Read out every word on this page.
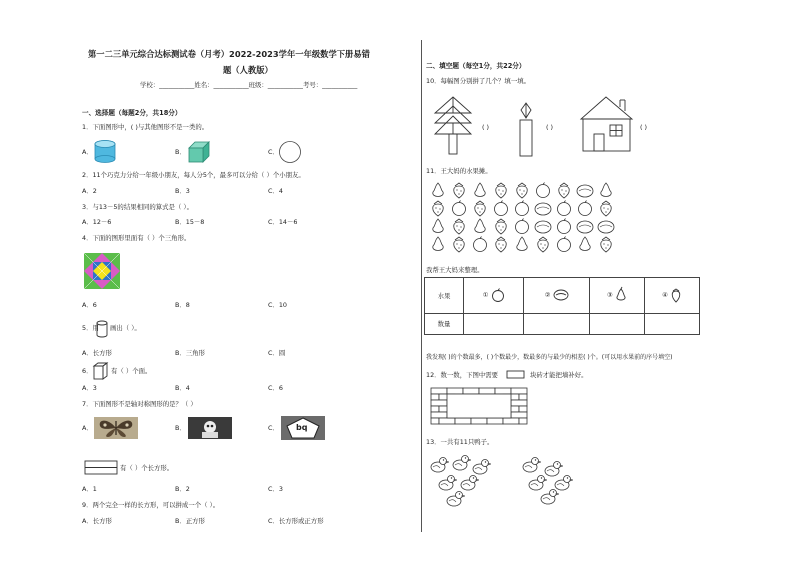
第一二三单元综合达标测试卷（月考）2022-2023学年一年级数学下册易错
题（人教版）
学校：___________姓名：___________班级：___________考号：___________
一、选择题（每题2分，共18分）
1．下面图形中，( )与其他图形不是一类的。
A．	B．	C．
2．11个巧克力分给一年级小朋友，每人分5个，最多可以分给（ ）个小朋友。
A．2	B．3	C．4
3．与13－5的结果相同的算式是（ ）。
A．12－6	B．15－8	C．14－6
4．下面的图形里面有（ ）个三角形。
A．6	B．8	C．10
5．用 画出（ ）。
A．长方形	B．三角形	C．圆
6．	有（ ）个面。
A．3	B．4	C．6
7．下面图形不是轴对称图形的是？（ ）
A．	B．	C． bq
有（ ）个长方形。
A．1	B．2	C．3
9．两个完全一样的长方形，可以拼成一个（ ）。
A．长方形	B．正方形	C．长方形或正方形
二、填空题（每空1分，共22分）
10．每幅图分别拼了几个？填一填。
( )	( )	( )
11．王大妈的水果摊。
我帮王大妈来整理。
水果	①	②	③	④
数量				
我发现( )的个数最多，( )个数最少，数最多的与最少的相差( )个。(可以用水果前的序号填空)
12．数一数，下图中需要	块砖才能把墙补好。
13．一共有11只鸭子。
